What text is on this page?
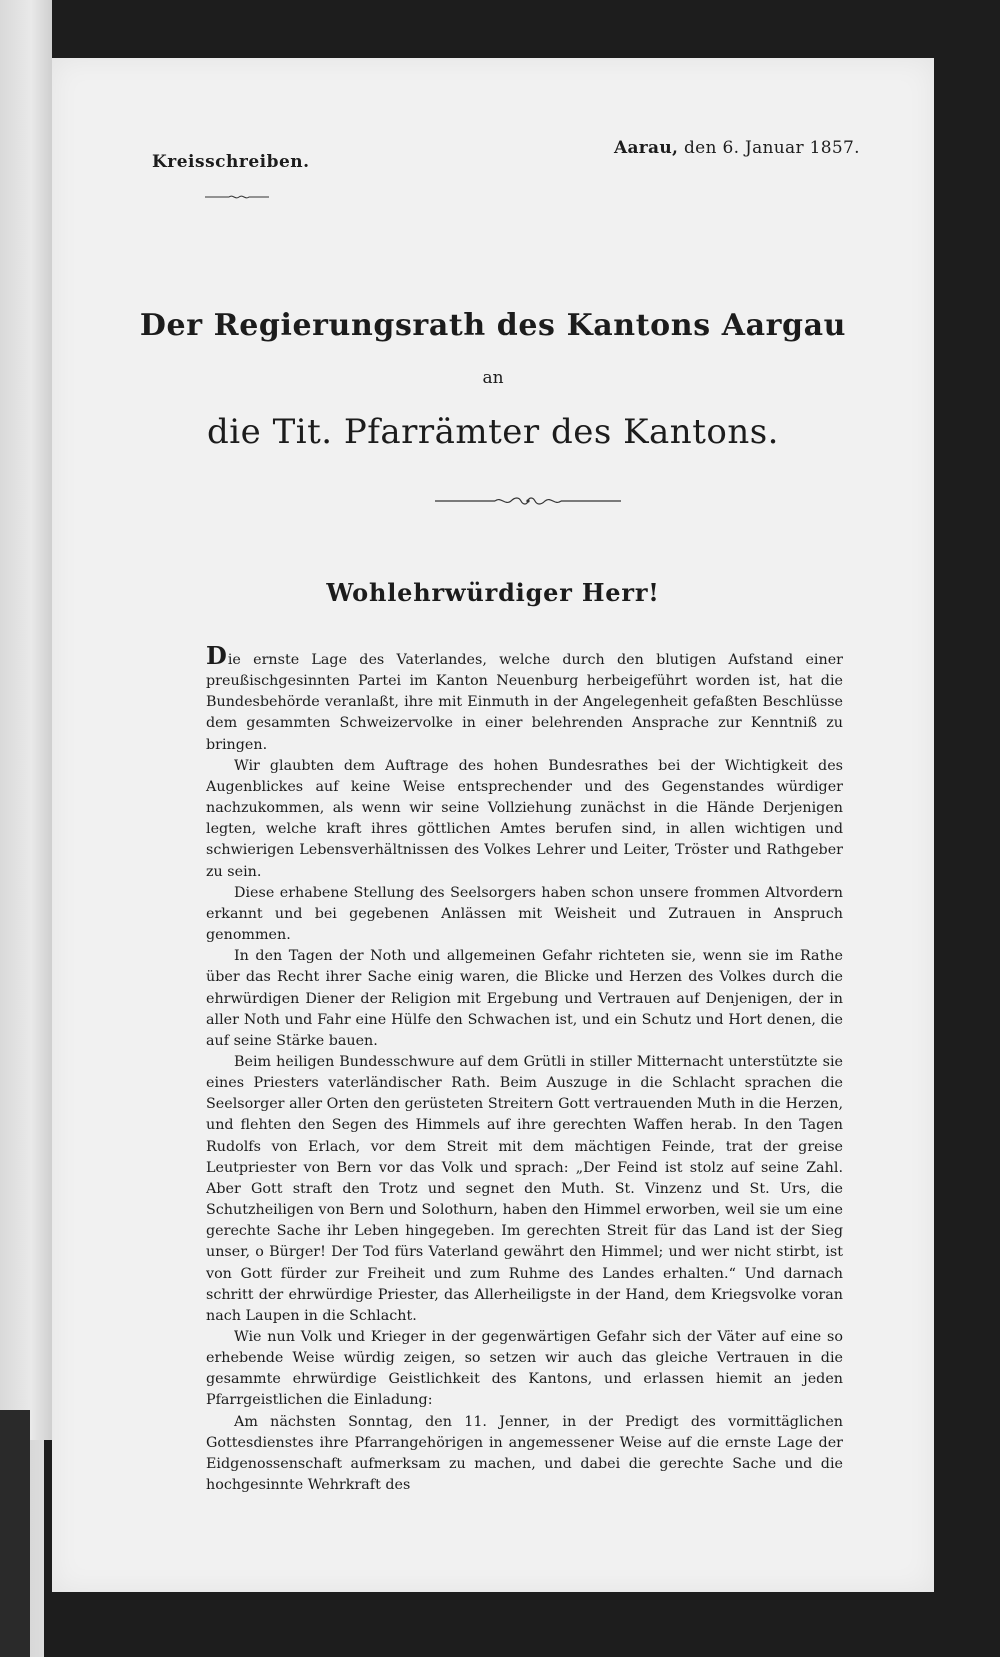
Kreisschreiben.
Aarau, den 6. Januar 1857.
Der Regierungsrath des Kantons Aargau
an
die Tit. Pfarrämter des Kantons.
Wohlehrwürdiger Herr!

Die ernste Lage des Vaterlandes, welche durch den blutigen Aufstand einer preußischgesinnten Partei im Kanton Neuenburg herbeigeführt worden ist, hat die Bundesbehörde veranlaßt, ihre mit Einmuth in der Angelegenheit gefaßten Beschlüsse dem gesammten Schweizervolke in einer belehrenden Ansprache zur Kenntniß zu bringen.

Wir glaubten dem Auftrage des hohen Bundesrathes bei der Wichtigkeit des Augenblickes auf keine Weise entsprechender und des Gegenstandes würdiger nachzukommen, als wenn wir seine Vollziehung zunächst in die Hände Derjenigen legten, welche kraft ihres göttlichen Amtes berufen sind, in allen wichtigen und schwierigen Lebensverhältnissen des Volkes Lehrer und Leiter, Tröster und Rathgeber zu sein.

Diese erhabene Stellung des Seelsorgers haben schon unsere frommen Altvordern erkannt und bei gegebenen Anlässen mit Weisheit und Zutrauen in Anspruch genommen.

In den Tagen der Noth und allgemeinen Gefahr richteten sie, wenn sie im Rathe über das Recht ihrer Sache einig waren, die Blicke und Herzen des Volkes durch die ehrwürdigen Diener der Religion mit Ergebung und Vertrauen auf Denjenigen, der in aller Noth und Fahr eine Hülfe den Schwachen ist, und ein Schutz und Hort denen, die auf seine Stärke bauen.

Beim heiligen Bundesschwure auf dem Grütli in stiller Mitternacht unterstützte sie eines Priesters vaterländischer Rath. Beim Auszuge in die Schlacht sprachen die Seelsorger aller Orten den gerüsteten Streitern Gott vertrauenden Muth in die Herzen, und flehten den Segen des Himmels auf ihre gerechten Waffen herab. In den Tagen Rudolfs von Erlach, vor dem Streit mit dem mächtigen Feinde, trat der greise Leutpriester von Bern vor das Volk und sprach: „Der Feind ist stolz auf seine Zahl. Aber Gott straft den Trotz und segnet den Muth. St. Vinzenz und St. Urs, die Schutzheiligen von Bern und Solothurn, haben den Himmel erworben, weil sie um eine gerechte Sache ihr Leben hingegeben. Im gerechten Streit für das Land ist der Sieg unser, o Bürger! Der Tod fürs Vaterland gewährt den Himmel; und wer nicht stirbt, ist von Gott fürder zur Freiheit und zum Ruhme des Landes erhalten.“ Und darnach schritt der ehrwürdige Priester, das Allerheiligste in der Hand, dem Kriegsvolke voran nach Laupen in die Schlacht.

Wie nun Volk und Krieger in der gegenwärtigen Gefahr sich der Väter auf eine so erhebende Weise würdig zeigen, so setzen wir auch das gleiche Vertrauen in die gesammte ehrwürdige Geistlichkeit des Kantons, und erlassen hiemit an jeden Pfarrgeistlichen die Einladung:

Am nächsten Sonntag, den 11. Jenner, in der Predigt des vormittäglichen Gottesdienstes ihre Pfarrangehörigen in angemessener Weise auf die ernste Lage der Eidgenossenschaft aufmerksam zu machen, und dabei die gerechte Sache und die hochgesinnte Wehrkraft des
